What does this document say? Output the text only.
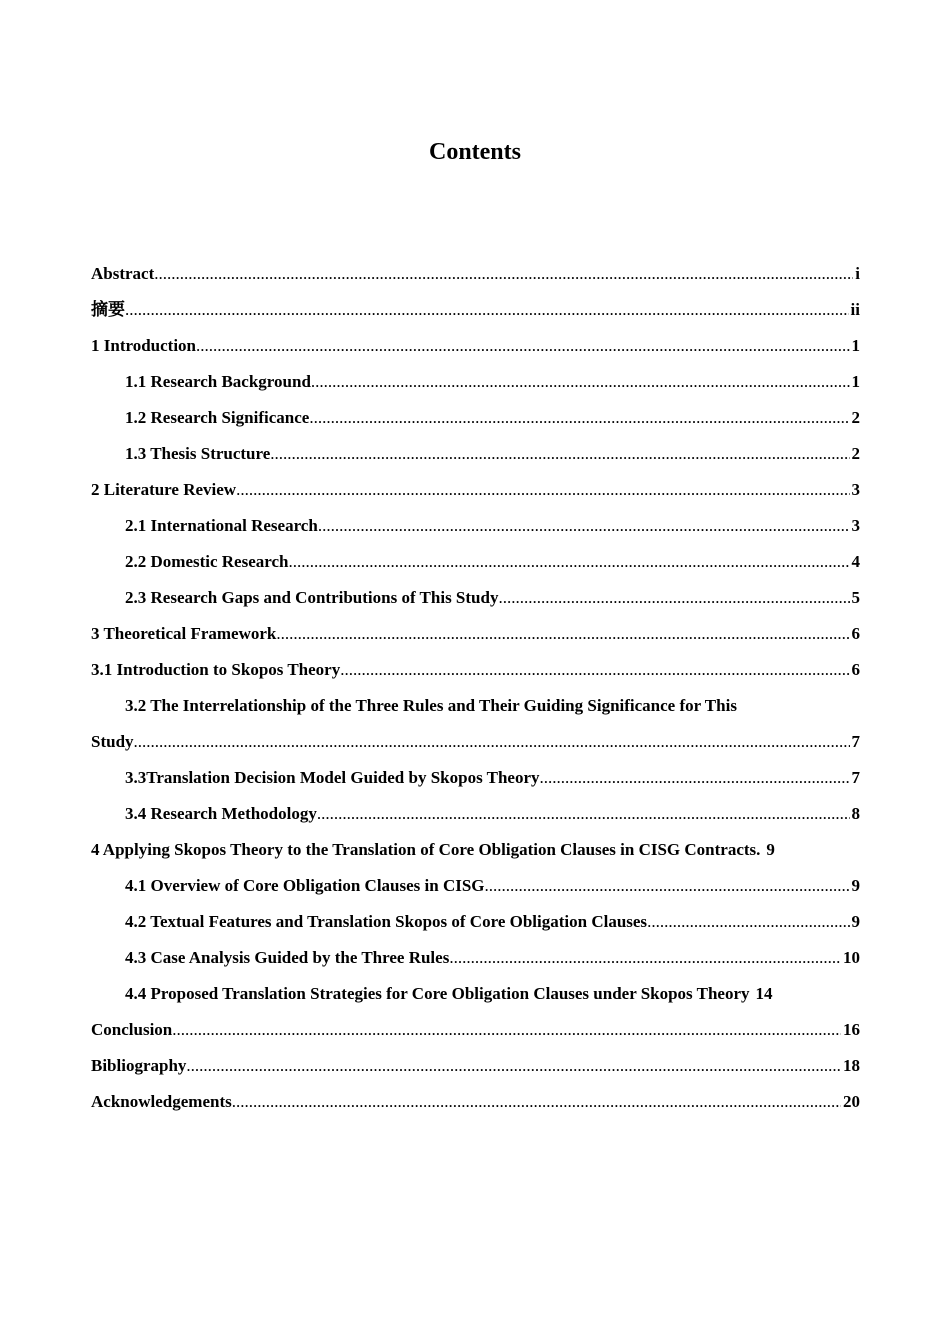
Contents
Abstract .....	i
摘要 .....	ii
1 Introduction .....	1
1.1 Research Background .....	1
1.2 Research Significance .....	2
1.3 Thesis Structure .....	2
2 Literature Review .....	3
2.1 International Research .....	3
2.2 Domestic Research .....	4
2.3 Research Gaps and Contributions of This Study .....	5
3 Theoretical Framework .....	6
3.1 Introduction to Skopos Theory .....	6
3.2 The Interrelationship of the Three Rules and Their Guiding Significance for This
Study .....	7
3.3Translation Decision Model Guided by Skopos Theory .....	7
3.4 Research Methodology .....	8
4 Applying Skopos Theory to the Translation of Core Obligation Clauses in CISG Contracts. 9
4.1 Overview of Core Obligation Clauses in CISG .....	9
4.2 Textual Features and Translation Skopos of Core Obligation Clauses .....	9
4.3 Case Analysis Guided by the Three Rules .....	10
4.4 Proposed Translation Strategies for Core Obligation Clauses under Skopos Theory 14
Conclusion .....	16
Bibliography .....	18
Acknowledgements .....	20
